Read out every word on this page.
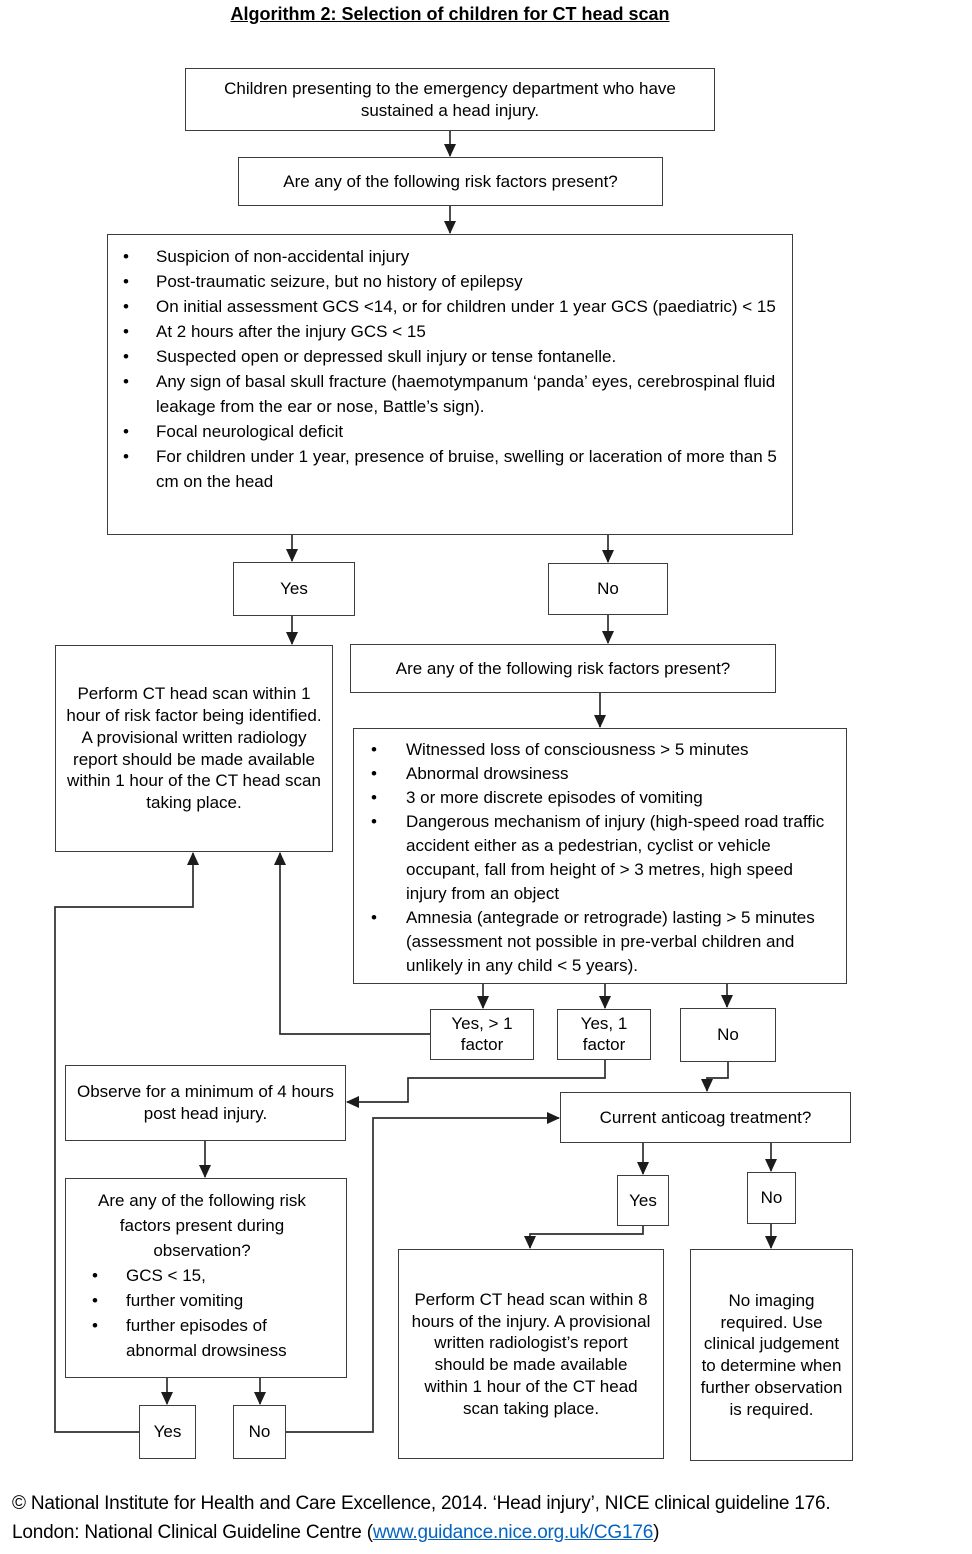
Algorithm 2: Selection of children for CT head scan
Children presenting to the emergency department who have sustained a head injury.
Are any of the following risk factors present?
•
Suspicion of non-accidental injury
•
Post-traumatic seizure, but no history of epilepsy
•
On initial assessment GCS <14, or for children under 1 year GCS (paediatric) < 15
•
At 2 hours after the injury GCS < 15
•
Suspected open or depressed skull injury or tense fontanelle.
•
Any sign of basal skull fracture (haemotympanum ‘panda’ eyes, cerebrospinal fluid leakage from the ear or nose, Battle’s sign).
•
Focal neurological deficit
•
For children under 1 year, presence of bruise, swelling or laceration of more than 5 cm on the head
Yes	No
Perform CT head scan within 1 hour of risk factor being identified. A provisional written radiology report should be made available within 1 hour of the CT head scan taking place.
Are any of the following risk factors present?
•
Witnessed loss of consciousness > 5 minutes
•
Abnormal drowsiness
•
3 or more discrete episodes of vomiting
•
Dangerous mechanism of injury (high-speed road traffic accident either as a pedestrian, cyclist or vehicle occupant, fall from height of > 3 metres, high speed injury from an object
•
Amnesia (antegrade or retrograde) lasting > 5 minutes (assessment not possible in pre-verbal children and unlikely in any child < 5 years).
Yes, > 1 factor
Yes, 1 factor	No
Observe for a minimum of 4 hours post head injury.
Are any of the following risk factors present during observation?
•
GCS < 15,
•
further vomiting
•
further episodes of abnormal drowsiness
Current anticoag treatment?
Yes	No
Perform CT head scan within 8 hours of the injury. A provisional written radiologist’s report should be made available within 1 hour of the CT head scan taking place.
No imaging required. Use clinical judgement to determine when further observation is required.
Yes	No
© National Institute for Health and Care Excellence, 2014. ‘Head injury’, NICE clinical guideline 176.
London: National Clinical Guideline Centre (www.guidance.nice.org.uk/CG176)
